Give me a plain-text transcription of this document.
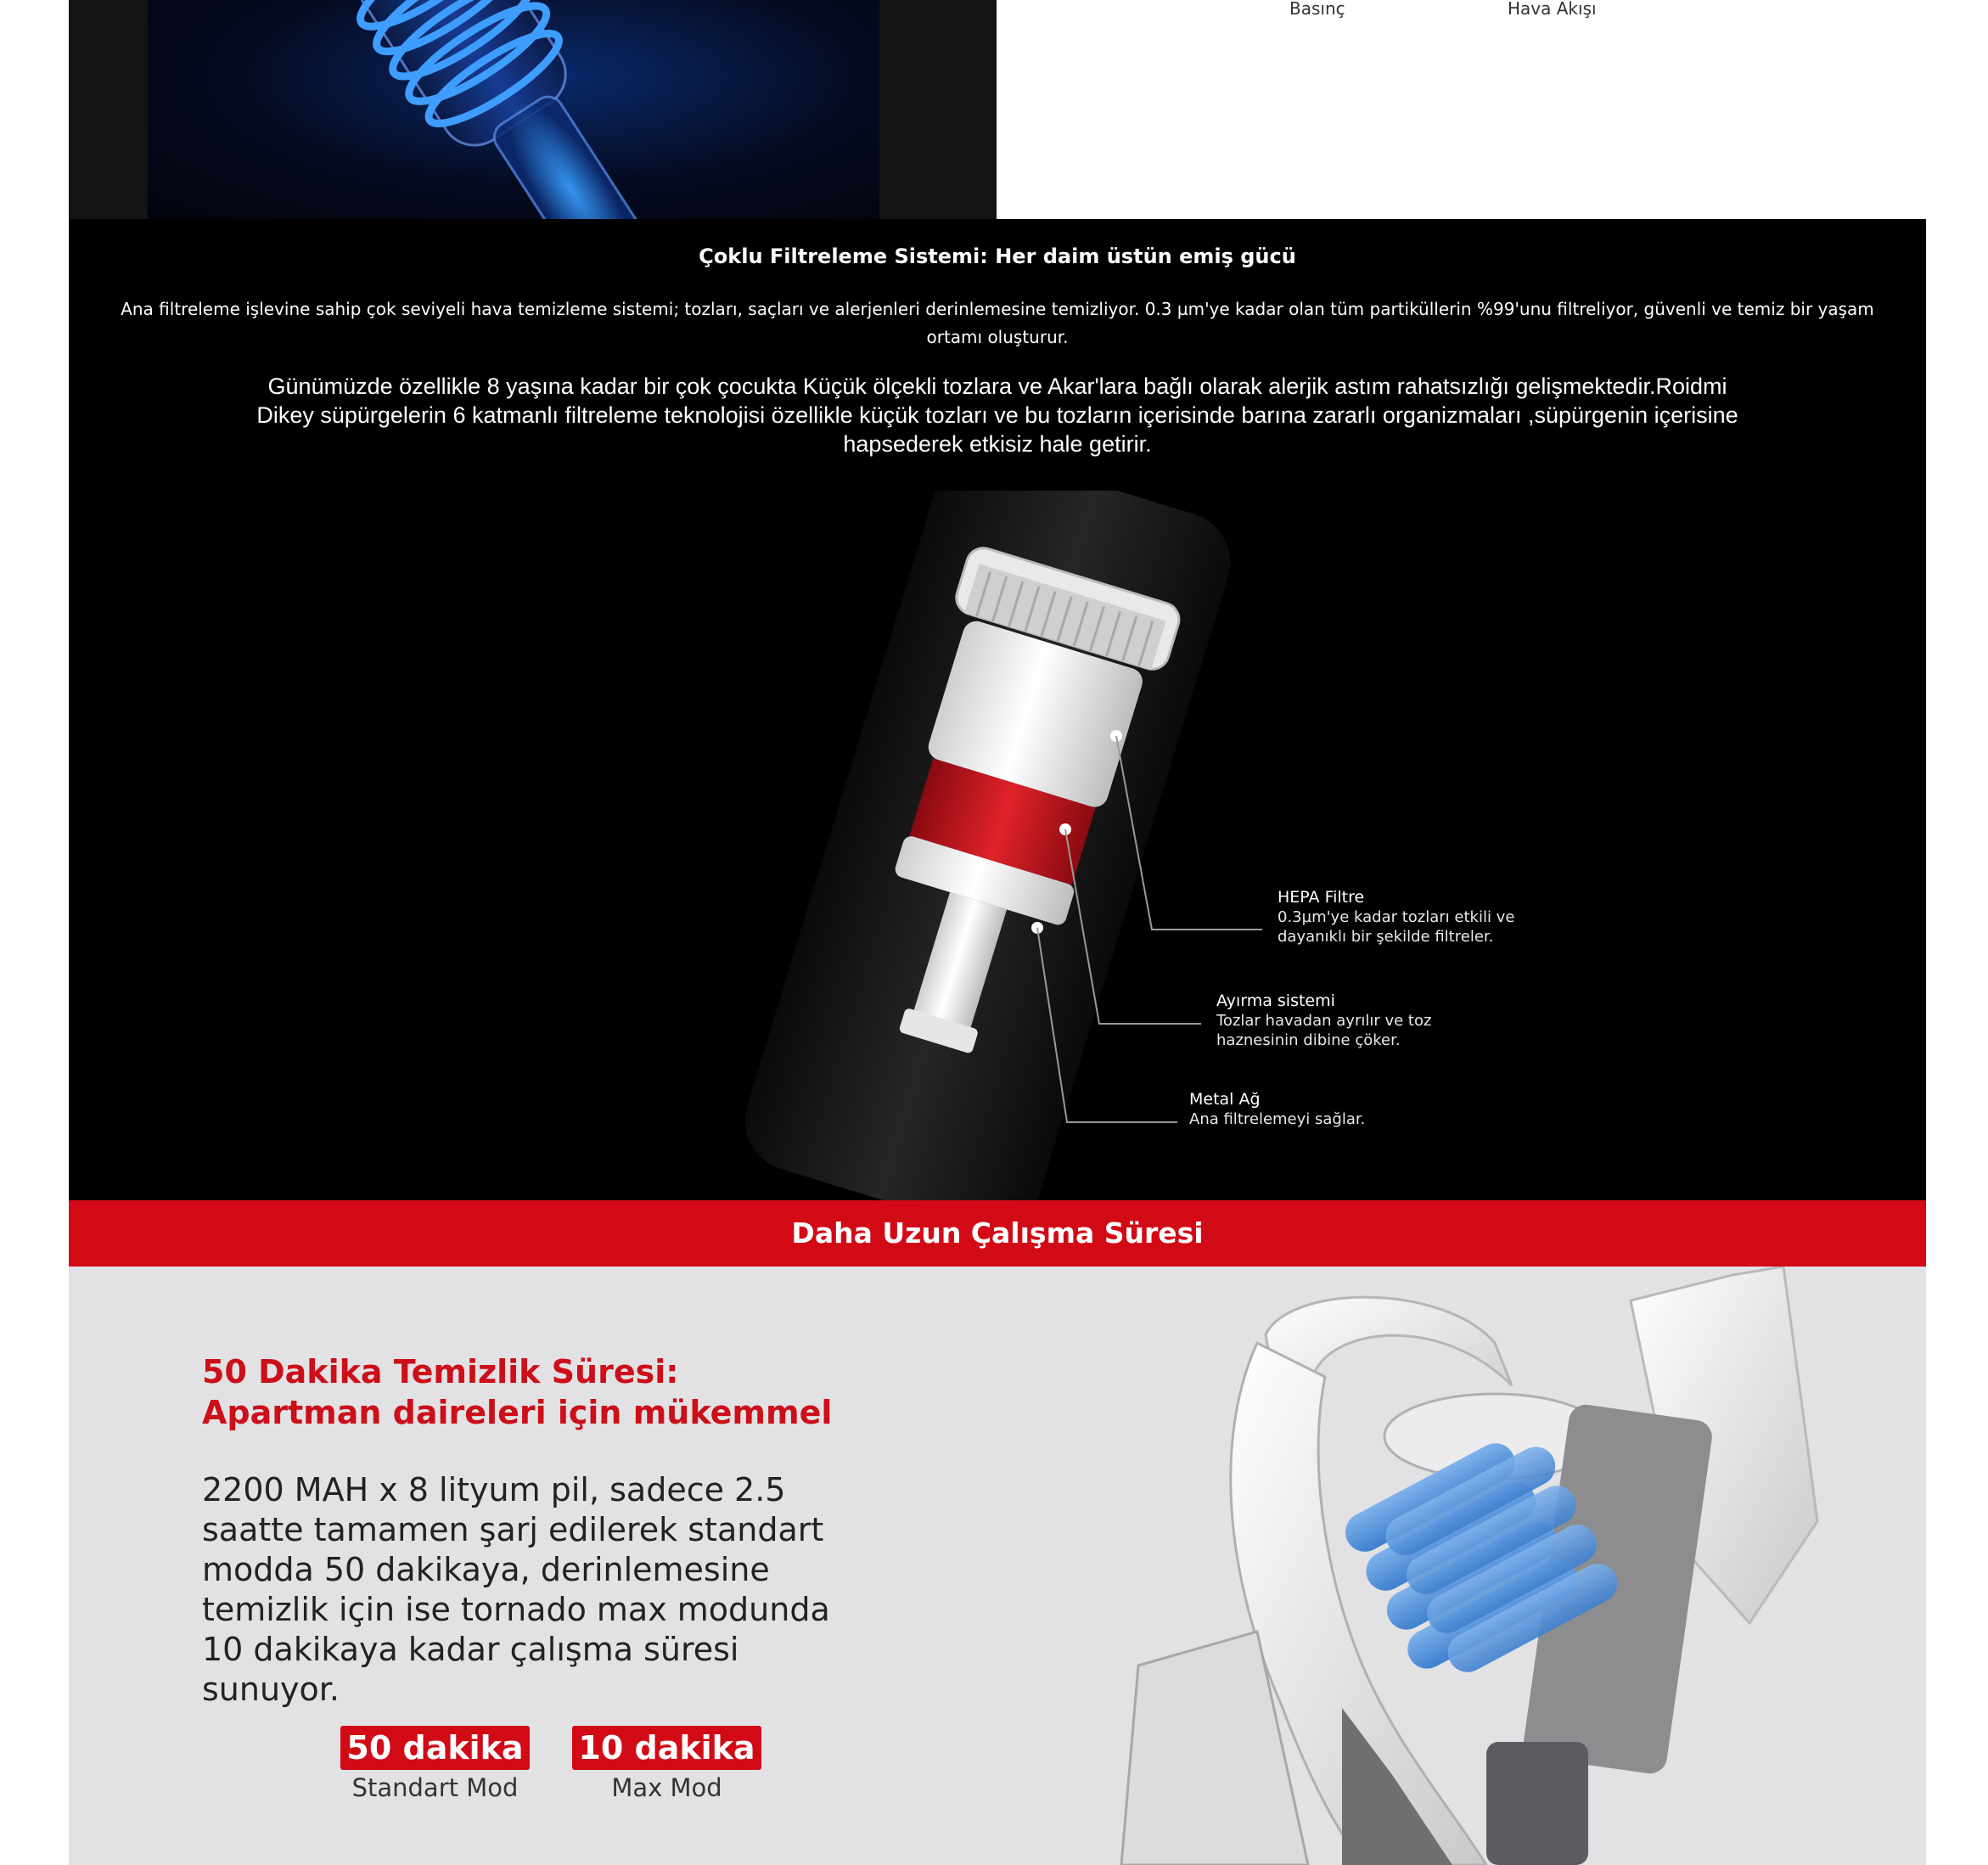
Basınç	Hava Akışı
Çoklu Filtreleme Sistemi: Her daim üstün emiş gücü
Ana filtreleme işlevine sahip çok seviyeli hava temizleme sistemi; tozları, saçları ve alerjenleri derinlemesine temizliyor. 0.3 µm'ye kadar olan tüm partiküllerin %99'unu filtreliyor, güvenli ve temiz bir yaşam ortamı oluşturur.
Günümüzde özellikle 8 yaşına kadar bir çok çocukta Küçük ölçekli tozlara ve Akar'lara bağlı olarak alerjik astım rahatsızlığı gelişmektedir.Roidmi Dikey süpürgelerin 6 katmanlı filtreleme teknolojisi özellikle küçük tozları ve bu tozların içerisinde barına zararlı organizmaları ,süpürgenin içerisine hapsederek etkisiz hale getirir.
HEPA Filtre
0.3µm'ye kadar tozları etkili ve
dayanıklı bir şekilde filtreler.
Ayırma sistemi
Tozlar havadan ayrılır ve toz
haznesinin dibine çöker.
Metal Ağ
Ana filtrelemeyi sağlar.
Daha Uzun Çalışma Süresi
50 Dakika Temizlik Süresi:
Apartman daireleri için mükemmel
2200 MAH x 8 lityum pil, sadece 2.5 saatte tamamen şarj edilerek standart modda 50 dakikaya, derinlemesine temizlik için ise tornado max modunda 10 dakikaya kadar çalışma süresi sunuyor.
50 dakika
Standart Mod
10 dakika
Max Mod
